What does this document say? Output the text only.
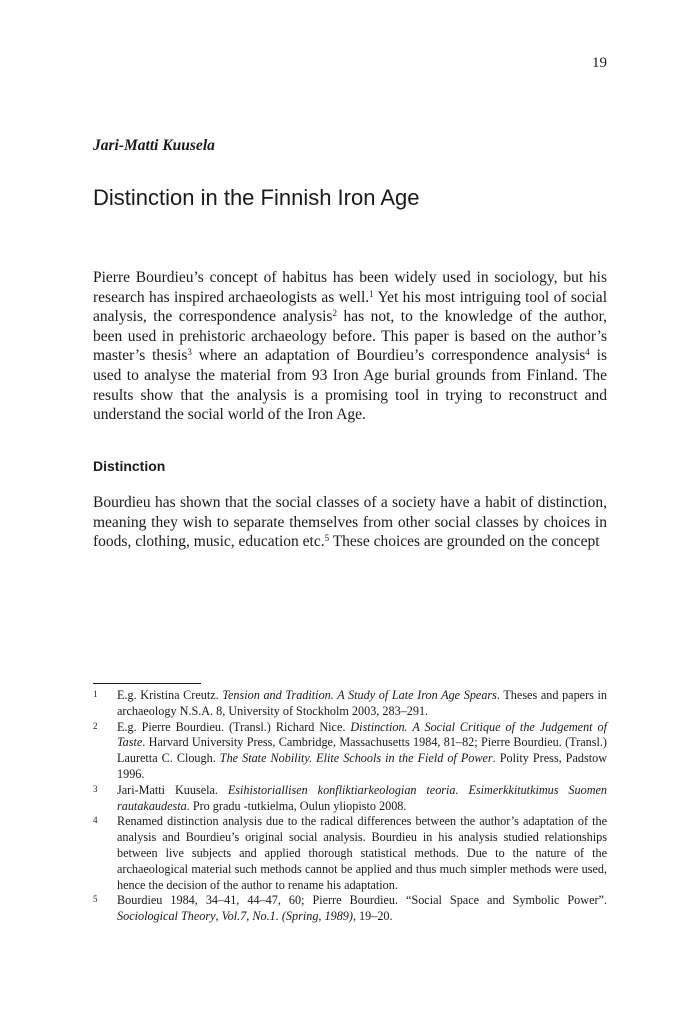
19
Jari-Matti Kuusela
Distinction in the Finnish Iron Age

Pierre Bourdieu’s concept of habitus has been widely used in sociology, but his research has inspired archaeologists as well.$^1$ Yet his most intriguing tool of social analysis, the correspondence analysis$^2$ has not, to the knowledge of the author, been used in prehistoric archaeology before. This paper is based on the author’s master’s thesis$^3$ where an adaptation of Bourdieu’s correspondence analysis$^4$ is used to analyse the material from 93 Iron Age burial grounds from Finland. The results show that the analysis is a promising tool in trying to reconstruct and understand the social world of the Iron Age.

Distinction

Bourdieu has shown that the social classes of a society have a habit of distinction, meaning they wish to separate themselves from other social classes by choices in foods, clothing, music, education etc.$^5$ These choices are grounded on the concept

1 E.g. Kristina Creutz. Tension and Tradition. A Study of Late Iron Age Spears. Theses and papers in archaeology N.S.A. 8, University of Stockholm 2003, 283–291.
2 E.g. Pierre Bourdieu. (Transl.) Richard Nice. Distinction. A Social Critique of the Judgement of Taste. Harvard University Press, Cambridge, Massachusetts 1984, 81–82; Pierre Bourdieu. (Transl.) Lauretta C. Clough. The State Nobility. Elite Schools in the Field of Power. Polity Press, Padstow 1996.
3 Jari-Matti Kuusela. Esihistoriallisen konfliktiarkeologian teoria. Esimerkkitutkimus Suomen rautakaudesta. Pro gradu -tutkielma, Oulun yliopisto 2008.
4 Renamed distinction analysis due to the radical differences between the author’s adaptation of the analysis and Bourdieu’s original social analysis. Bourdieu in his analysis studied relationships between live subjects and applied thorough statistical methods. Due to the nature of the archaeological material such methods cannot be applied and thus much simpler methods were used, hence the decision of the author to rename his adaptation.
5 Bourdieu 1984, 34–41, 44–47, 60; Pierre Bourdieu. “Social Space and Symbolic Power”. Sociological Theory, Vol.7, No.1. (Spring, 1989), 19–20.
